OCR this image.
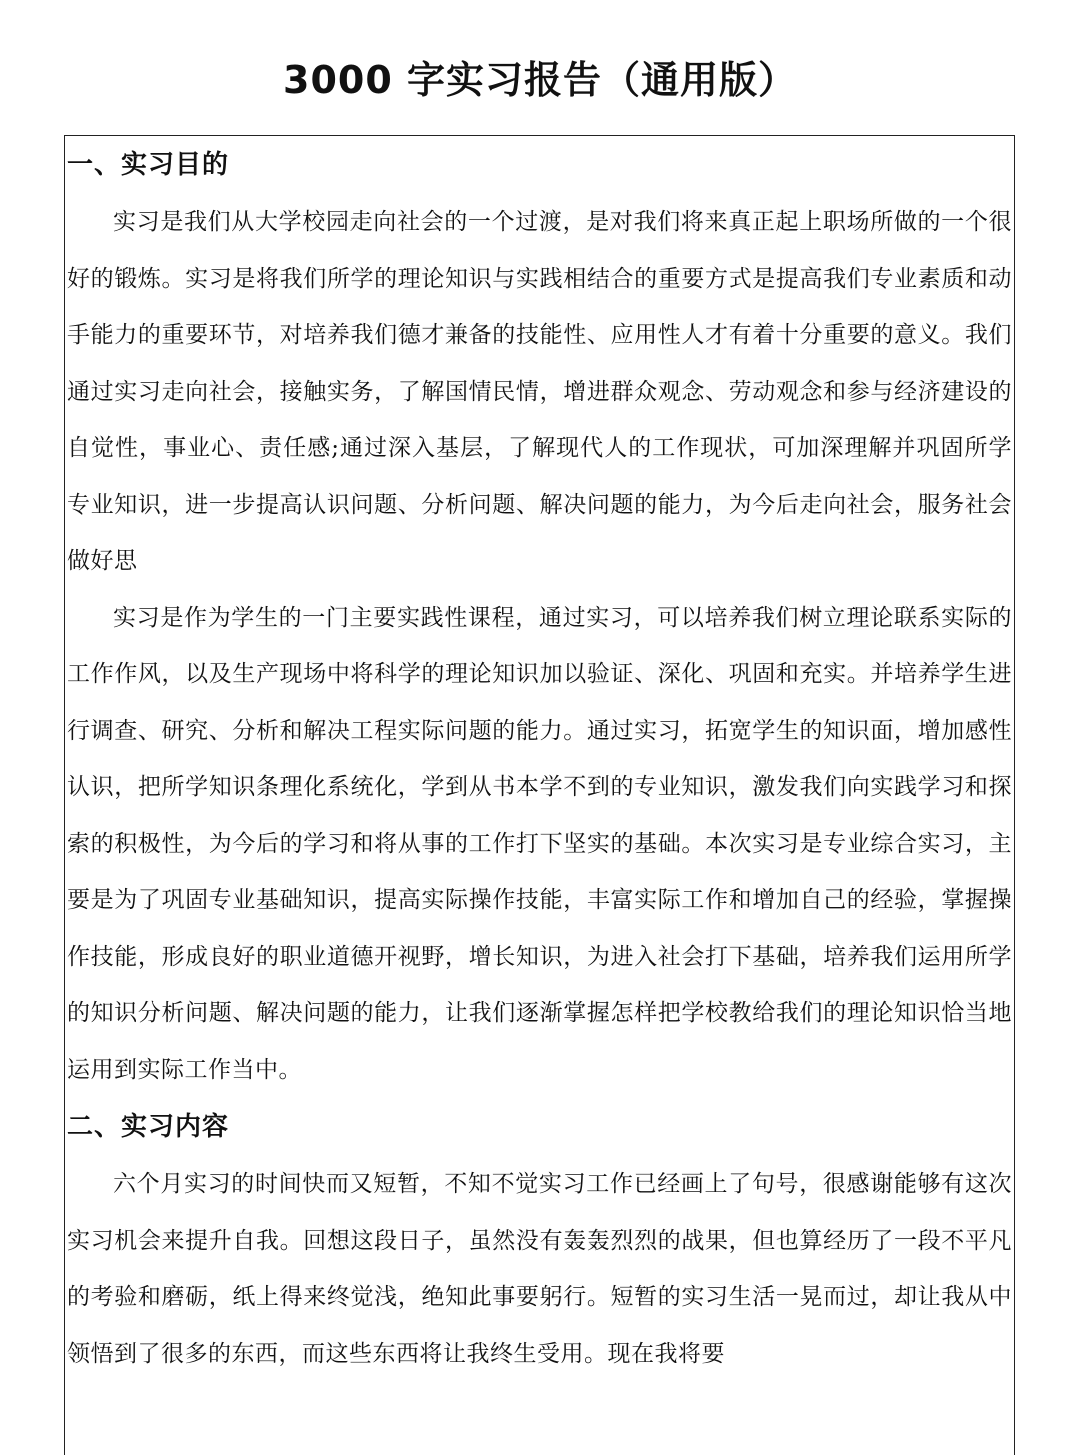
3000 字实习报告（通用版）
一、实习目的

实习是我们从大学校园走向社会的一个过渡，是对我们将来真正起上职场所做的一个很好的锻炼。实习是将我们所学的理论知识与实践相结合的重要方式是提高我们专业素质和动手能力的重要环节，对培养我们德才兼备的技能性、应用性人才有着十分重要的意义。我们通过实习走向社会，接触实务，了解国情民情，增进群众观念、劳动观念和参与经济建设的自觉性，事业心、责任感;通过深入基层，了解现代人的工作现状，可加深理解并巩固所学专业知识，进一步提高认识问题、分析问题、解决问题的能力，为今后走向社会，服务社会做好思

实习是作为学生的一门主要实践性课程，通过实习，可以培养我们树立理论联系实际的工作作风，以及生产现场中将科学的理论知识加以验证、深化、巩固和充实。并培养学生进行调查、研究、分析和解决工程实际问题的能力。通过实习，拓宽学生的知识面，增加感性认识，把所学知识条理化系统化，学到从书本学不到的专业知识，激发我们向实践学习和探索的积极性，为今后的学习和将从事的工作打下坚实的基础。本次实习是专业综合实习，主要是为了巩固专业基础知识，提高实际操作技能，丰富实际工作和增加自己的经验，掌握操作技能，形成良好的职业道德开视野，增长知识，为进入社会打下基础，培养我们运用所学的知识分析问题、解决问题的能力，让我们逐渐掌握怎样把学校教给我们的理论知识恰当地运用到实际工作当中。

二、实习内容

六个月实习的时间快而又短暂，不知不觉实习工作已经画上了句号，很感谢能够有这次实习机会来提升自我。回想这段日子，虽然没有轰轰烈烈的战果，但也算经历了一段不平凡的考验和磨砺，纸上得来终觉浅，绝知此事要躬行。短暂的实习生活一晃而过，却让我从中领悟到了很多的东西，而这些东西将让我终生受用。现在我将要
